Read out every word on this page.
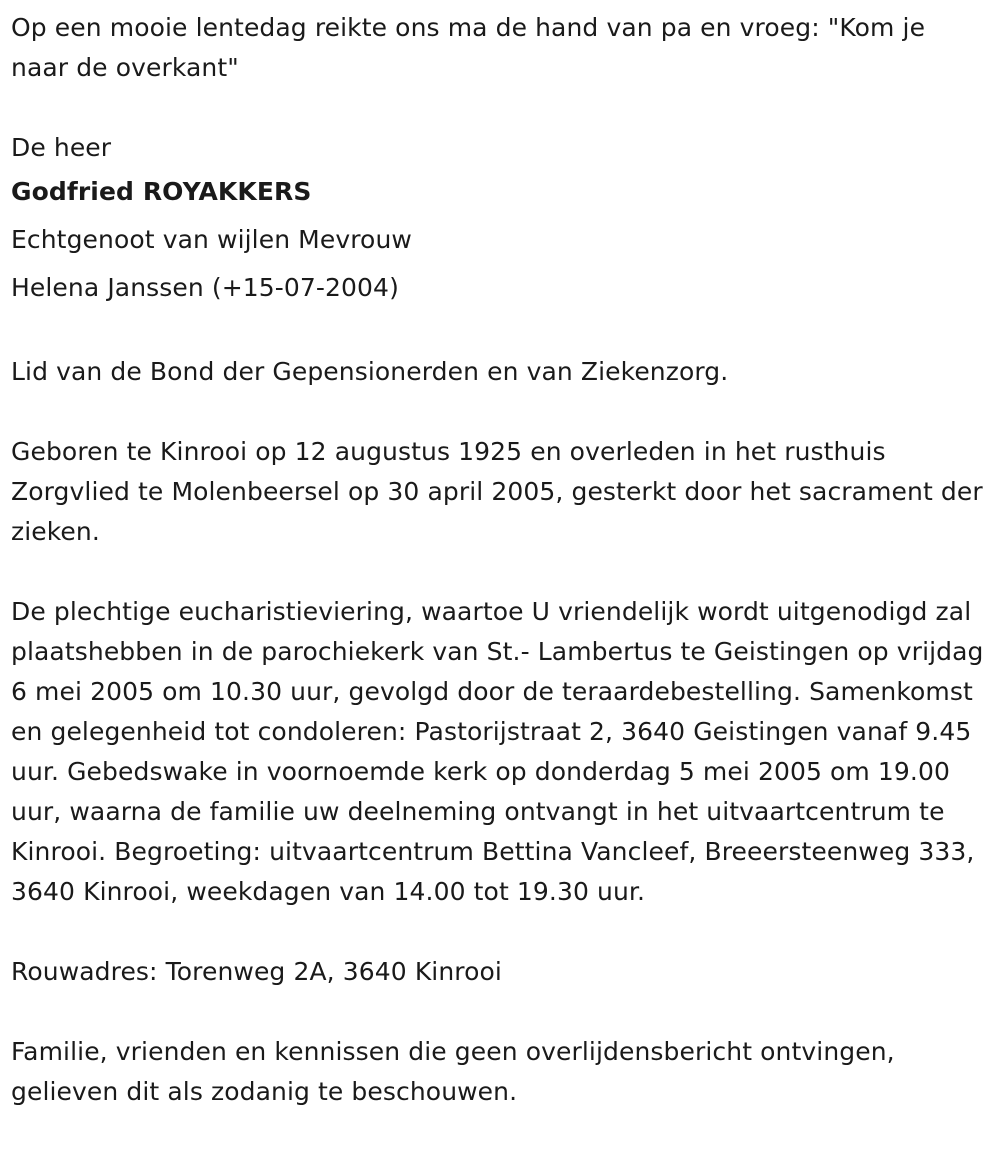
Op een mooie lentedag reikte ons ma de hand van pa en vroeg: "Kom je naar de overkant"

De heer

Godfried ROYAKKERS

Echtgenoot van wijlen Mevrouw

Helena Janssen (+15-07-2004)

Lid van de Bond der Gepensionerden en van Ziekenzorg.

Geboren te Kinrooi op 12 augustus 1925 en overleden in het rusthuis Zorgvlied te Molenbeersel op 30 april 2005, gesterkt door het sacrament der zieken.

De plechtige eucharistieviering, waartoe U vriendelijk wordt uitgenodigd zal plaatshebben in de parochiekerk van St.- Lambertus te Geistingen op vrijdag 6 mei 2005 om 10.30 uur, gevolgd door de teraardebestelling. Samenkomst en gelegenheid tot condoleren: Pastorijstraat 2, 3640 Geistingen vanaf 9.45 uur. Gebedswake in voornoemde kerk op donderdag 5 mei 2005 om 19.00 uur, waarna de familie uw deelneming ontvangt in het uitvaartcentrum te Kinrooi. Begroeting: uitvaartcentrum Bettina Vancleef, Breeersteenweg 333, 3640 Kinrooi, weekdagen van 14.00 tot 19.30 uur.

Rouwadres: Torenweg 2A, 3640 Kinrooi

Familie, vrienden en kennissen die geen overlijdensbericht ontvingen, gelieven dit als zodanig te beschouwen.
